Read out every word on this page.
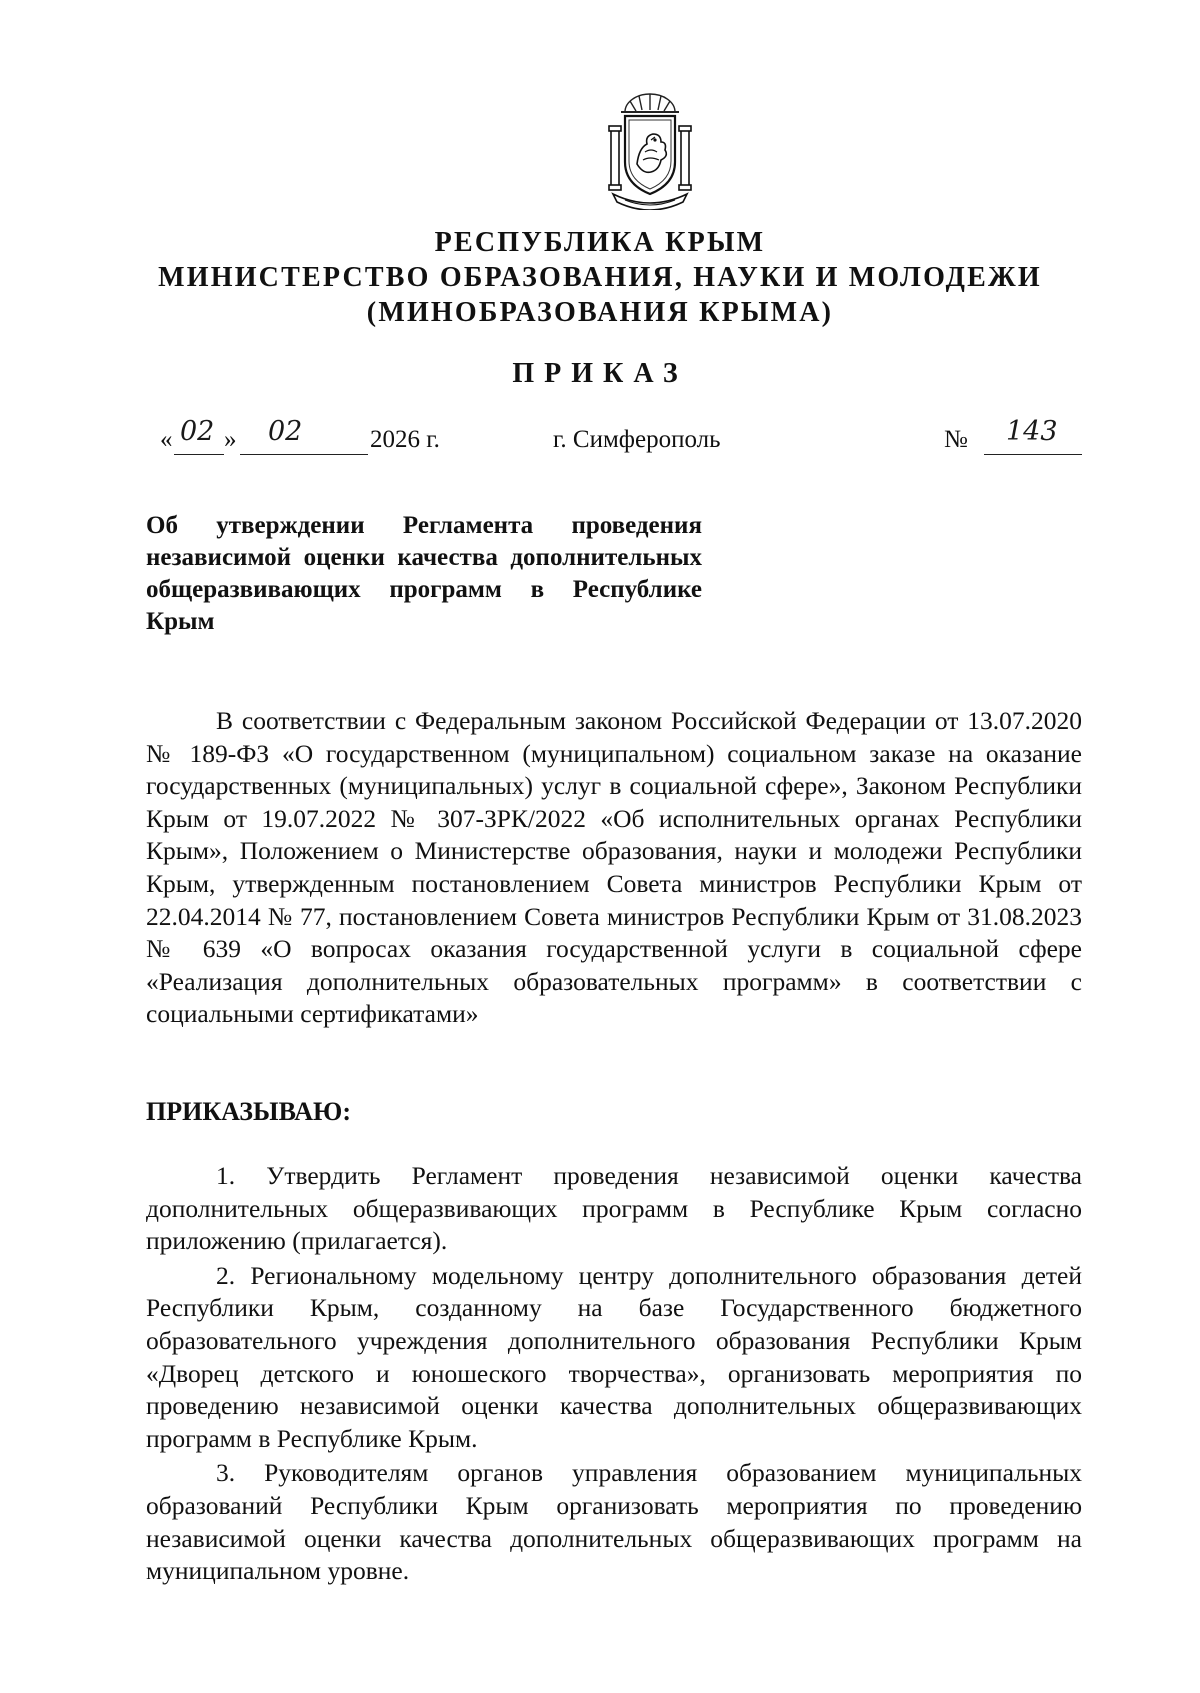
РЕСПУБЛИКА КРЫМ
МИНИСТЕРСТВО ОБРАЗОВАНИЯ, НАУКИ И МОЛОДЕЖИ
(МИНОБРАЗОВАНИЯ КРЫМА)
ПРИКАЗ
« 02 » 02	2026 г.	г. Симферополь	№ 143
Об утверждении Регламента проведения независимой оценки качества дополнительных общеразвивающих программ в Республике Крым
В соответствии с Федеральным законом Российской Федерации от 13.07.2020 № 189-ФЗ «О государственном (муниципальном) социальном заказе на оказание государственных (муниципальных) услуг в социальной сфере», Законом Республики Крым от 19.07.2022 № 307-ЗРК/2022 «Об исполнительных органах Республики Крым», Положением о Министерстве образования, науки и молодежи Республики Крым, утвержденным постановлением Совета министров Республики Крым от 22.04.2014 № 77, постановлением Совета министров Республики Крым от 31.08.2023 № 639 «О вопросах оказания государственной услуги в социальной сфере «Реализация дополнительных образовательных программ» в соответствии с социальными сертификатами»
ПРИКАЗЫВАЮ:

1. Утвердить Регламент проведения независимой оценки качества дополнительных общеразвивающих программ в Республике Крым согласно приложению (прилагается).

2. Региональному модельному центру дополнительного образования детей Республики Крым, созданному на базе Государственного бюджетного образовательного учреждения дополнительного образования Республики Крым «Дворец детского и юношеского творчества», организовать мероприятия по проведению независимой оценки качества дополнительных общеразвивающих программ в Республике Крым.

3. Руководителям органов управления образованием муниципальных образований Республики Крым организовать мероприятия по проведению независимой оценки качества дополнительных общеразвивающих программ на муниципальном уровне.
